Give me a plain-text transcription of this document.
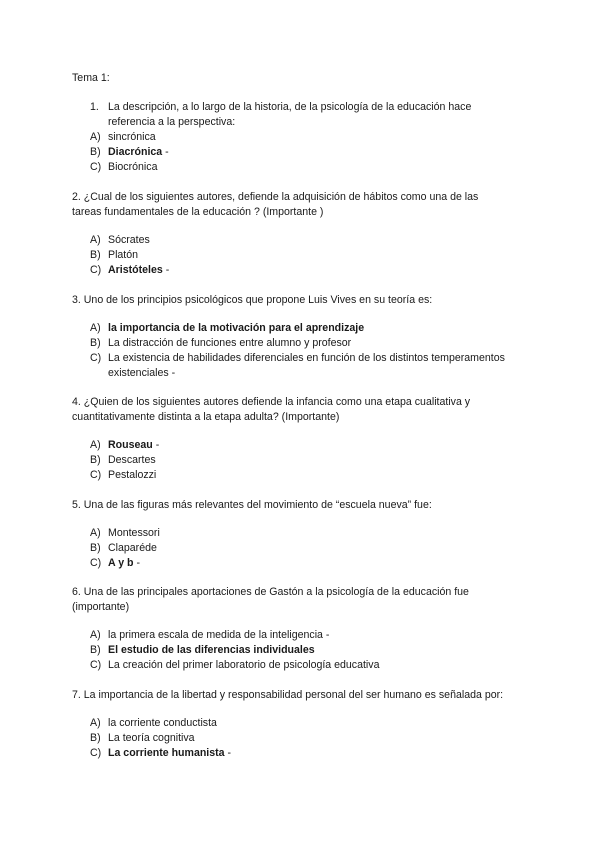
Tema 1:
1. La descripción, a lo largo de la historia, de la psicología de la educación hace
referencia a la perspectiva:
A) sincrónica
B) Diacrónica -
C) Biocrónica
2. ¿Cual de los siguientes autores, defiende la adquisición de hábitos como una de las
tareas fundamentales de la educación ? (Importante )
A) Sócrates
B) Platón
C) Aristóteles -
3. Uno de los principios psicológicos que propone Luis Vives en su teoría es:
A) la importancia de la motivación para el aprendizaje
B) La distracción de funciones entre alumno y profesor
C) La existencia de habilidades diferenciales en función de los distintos temperamentos
existenciales -
4. ¿Quien de los siguientes autores defiende la infancia como una etapa cualitativa y
cuantitativamente distinta a la etapa adulta? (Importante)
A) Rouseau -
B) Descartes
C) Pestalozzi
5. Una de las figuras más relevantes del movimiento de “escuela nueva” fue:
A) Montessori
B) Claparéde
C) A y b -
6. Una de las principales aportaciones de Gastón a la psicología de la educación fue
(importante)
A) la primera escala de medida de la inteligencia -
B) El estudio de las diferencias individuales
C) La creación del primer laboratorio de psicología educativa
7. La importancia de la libertad y responsabilidad personal del ser humano es señalada por:
A) la corriente conductista
B) La teoría cognitiva
C) La corriente humanista -
